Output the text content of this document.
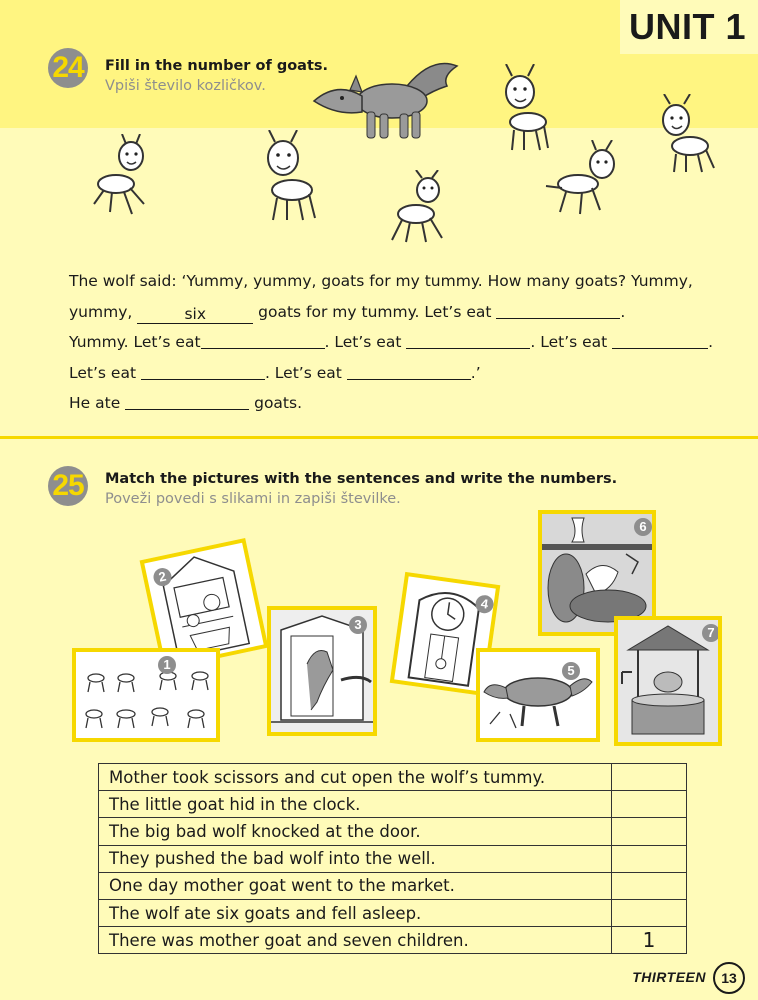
UNIT 1
24 Fill in the number of goats.
Vpiši število kozličkov.
The wolf said: ‘Yummy, yummy, goats for my tummy. How many goats? Yummy,
yummy,	six	goats for my tummy. Let’s eat	.
Yummy. Let’s eat	. Let’s eat	. Let’s eat	.
Let’s eat	. Let’s eat	.’
He ate	goats.
25 Match the pictures with the sentences and write the numbers.
Poveži povedi s slikami in zapiši številke.
2
1
3
4
5
6
7
Mother took scissors and cut open the wolf’s tummy.	
The little goat hid in the clock.	
The big bad wolf knocked at the door.	
They pushed the bad wolf into the well.	
One day mother goat went to the market.	
The wolf ate six goats and fell asleep.	
There was mother goat and seven children.	1
THIRTEEN	13
